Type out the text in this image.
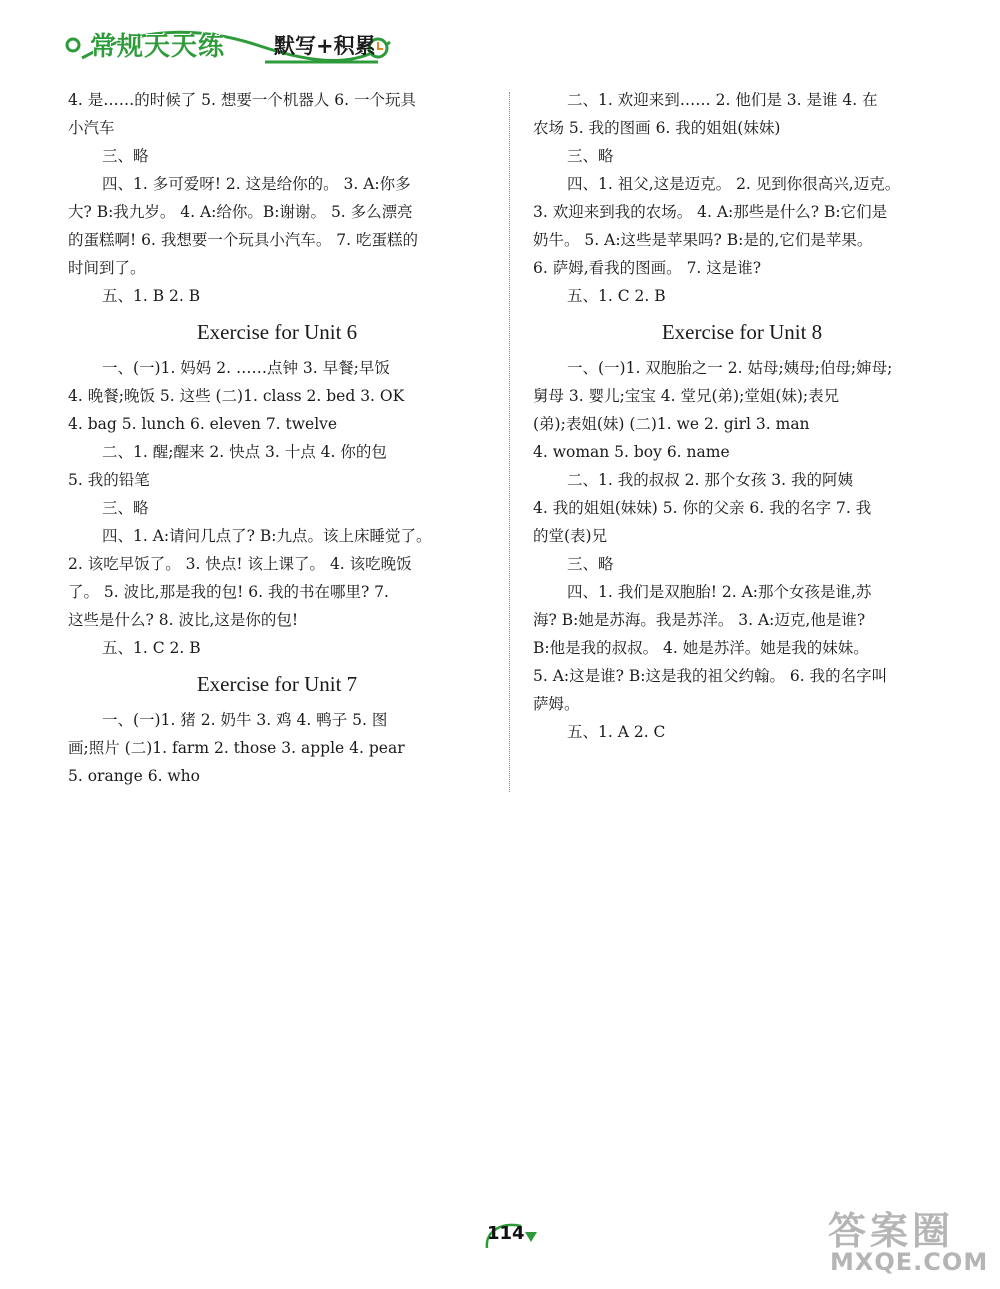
常规天天练 默写+积累
4. 是……的时候了 5. 想要一个机器人 6. 一个玩具
小汽车
三、略
四、1. 多可爱呀! 2. 这是给你的。 3. A:你多
大? B:我九岁。 4. A:给你。B:谢谢。 5. 多么漂亮
的蛋糕啊! 6. 我想要一个玩具小汽车。 7. 吃蛋糕的
时间到了。
五、1. B 2. B
Exercise for Unit 6
一、(一)1. 妈妈 2. ……点钟 3. 早餐;早饭
4. 晚餐;晚饭 5. 这些 (二)1. class 2. bed 3. OK
4. bag 5. lunch 6. eleven 7. twelve
二、1. 醒;醒来 2. 快点 3. 十点 4. 你的包
5. 我的铅笔
三、略
四、1. A:请问几点了? B:九点。该上床睡觉了。
2. 该吃早饭了。 3. 快点! 该上课了。 4. 该吃晚饭
了。 5. 波比,那是我的包! 6. 我的书在哪里? 7.
这些是什么? 8. 波比,这是你的包!
五、1. C 2. B
Exercise for Unit 7
一、(一)1. 猪 2. 奶牛 3. 鸡 4. 鸭子 5. 图
画;照片 (二)1. farm 2. those 3. apple 4. pear
5. orange 6. who
二、1. 欢迎来到…… 2. 他们是 3. 是谁 4. 在
农场 5. 我的图画 6. 我的姐姐(妹妹)
三、略
四、1. 祖父,这是迈克。 2. 见到你很高兴,迈克。
3. 欢迎来到我的农场。 4. A:那些是什么? B:它们是
奶牛。 5. A:这些是苹果吗? B:是的,它们是苹果。
6. 萨姆,看我的图画。 7. 这是谁?
五、1. C 2. B
Exercise for Unit 8
一、(一)1. 双胞胎之一 2. 姑母;姨母;伯母;婶母;
舅母 3. 婴儿;宝宝 4. 堂兄(弟);堂姐(妹);表兄
(弟);表姐(妹) (二)1. we 2. girl 3. man
4. woman 5. boy 6. name
二、1. 我的叔叔 2. 那个女孩 3. 我的阿姨
4. 我的姐姐(妹妹) 5. 你的父亲 6. 我的名字 7. 我
的堂(表)兄
三、略
四、1. 我们是双胞胎! 2. A:那个女孩是谁,苏
海? B:她是苏海。我是苏洋。 3. A:迈克,他是谁?
B:他是我的叔叔。 4. 她是苏洋。她是我的妹妹。
5. A:这是谁? B:这是我的祖父约翰。 6. 我的名字叫
萨姆。
五、1. A 2. C
114	答案圈
MXQE.COM
